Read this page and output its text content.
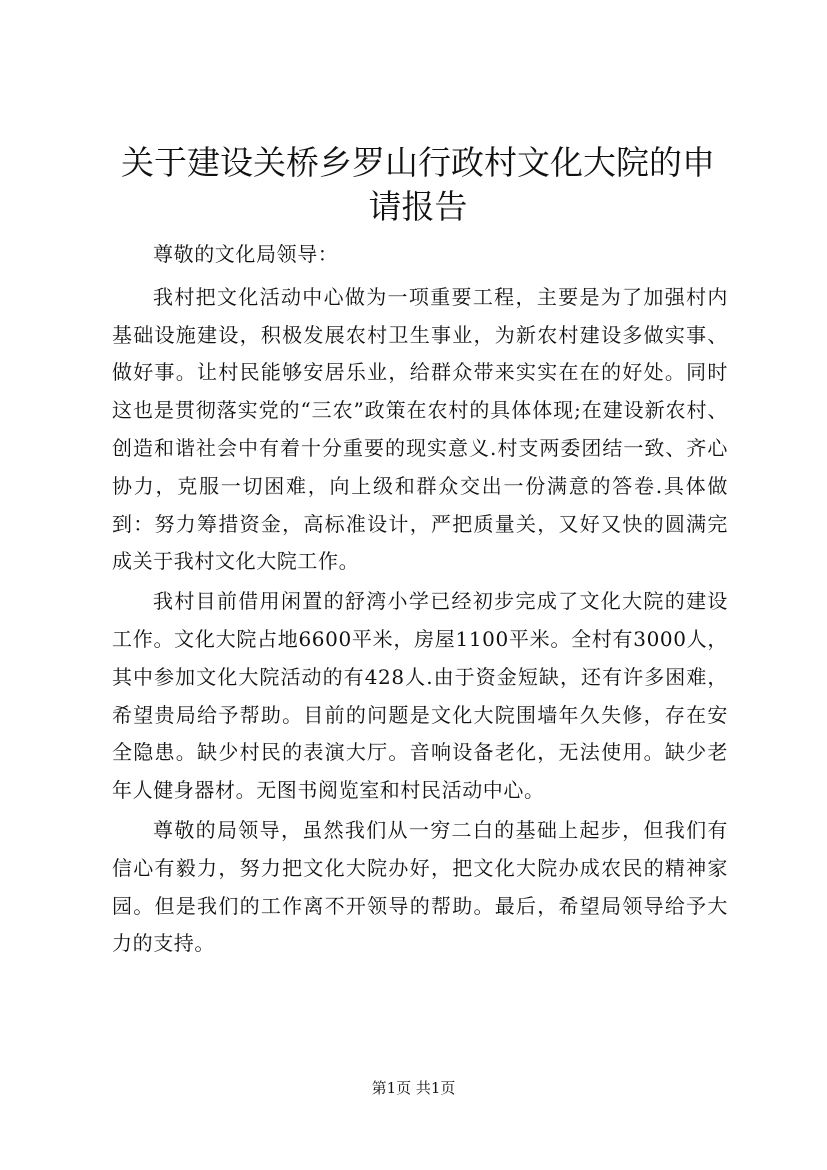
关于建设关桥乡罗山行政村文化大院的申请报告

尊敬的文化局领导：

我村把文化活动中心做为一项重要工程，主要是为了加强村内基础设施建设，积极发展农村卫生事业，为新农村建设多做实事、做好事。让村民能够安居乐业，给群众带来实实在在的好处。同时这也是贯彻落实党的“三农”政策在农村的具体体现;在建设新农村、创造和谐社会中有着十分重要的现实意义.村支两委团结一致、齐心协力，克服一切困难，向上级和群众交出一份满意的答卷.具体做到：努力筹措资金，高标准设计，严把质量关，又好又快的圆满完成关于我村文化大院工作。

我村目前借用闲置的舒湾小学已经初步完成了文化大院的建设工作。文化大院占地6600平米，房屋1100平米。全村有3000人，其中参加文化大院活动的有428人.由于资金短缺，还有许多困难，希望贵局给予帮助。目前的问题是文化大院围墙年久失修，存在安全隐患。缺少村民的表演大厅。音响设备老化，无法使用。缺少老年人健身器材。无图书阅览室和村民活动中心。

尊敬的局领导，虽然我们从一穷二白的基础上起步，但我们有信心有毅力，努力把文化大院办好，把文化大院办成农民的精神家园。但是我们的工作离不开领导的帮助。最后，希望局领导给予大力的支持。

第1页 共1页
